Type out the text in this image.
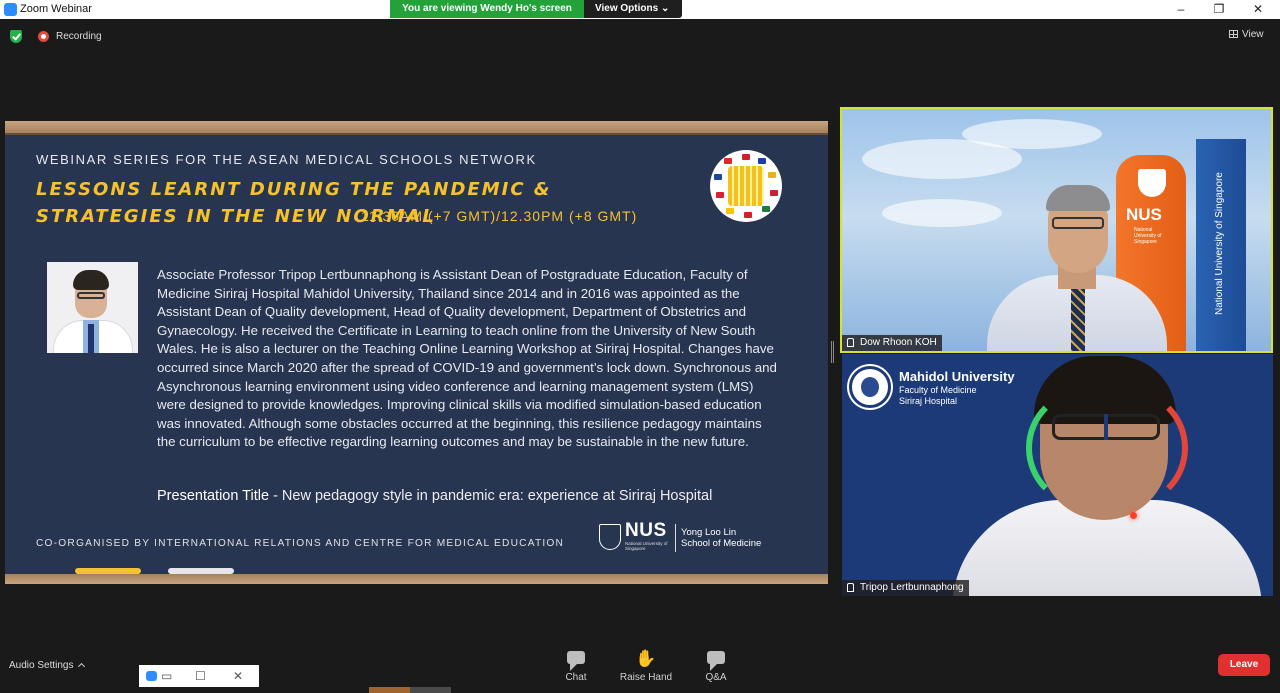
Zoom Webinar	You are viewing Wendy Ho's screen	View Options ⌄	–	❐	✕
Recording	View
WEBINAR SERIES FOR THE ASEAN MEDICAL SCHOOLS NETWORK
LESSONS LEARNT DURING THE PANDEMIC & STRATEGIES IN THE NEW NORMAL
11.30AM (+7 GMT)/12.30PM (+8 GMT)
Associate Professor Tripop Lertbunnaphong is Assistant Dean of Postgraduate Education, Faculty of Medicine Siriraj Hospital Mahidol University, Thailand since 2014 and in 2016 was appointed as the Assistant Dean of Quality development, Head of Quality development, Department of Obstetrics and Gynaecology. He received the Certificate in Learning to teach online from the University of New South Wales. He is also a lecturer on the Teaching Online Learning Workshop at Siriraj Hospital. Changes have occurred since March 2020 after the spread of COVID-19 and government’s lock down. Synchronous and Asynchronous learning environment using video conference and learning management system (LMS) were designed to provide knowledges. Improving clinical skills via modified simulation-based education was innovated. Although some obstacles occurred at the beginning, this resilience pedagogy maintains the curriculum to be effective regarding learning outcomes and may be sustainable in the new future.
Presentation Title - New pedagogy style in pandemic era: experience at Siriraj Hospital
CO-ORGANISED BY INTERNATIONAL RELATIONS AND CENTRE FOR MEDICAL EDUCATION
NUS
National University of Singapore
Yong Loo Lin
School of Medicine
National University of Singapore
NUS
National University of Singapore
Dow Rhoon KOH
Mahidol University
Faculty of Medicine
Siriraj Hospital
Tripop Lertbunnaphong
Audio Settings
▭ ☐ ✕	Chat
✋
Raise Hand	Q&A
Leave
